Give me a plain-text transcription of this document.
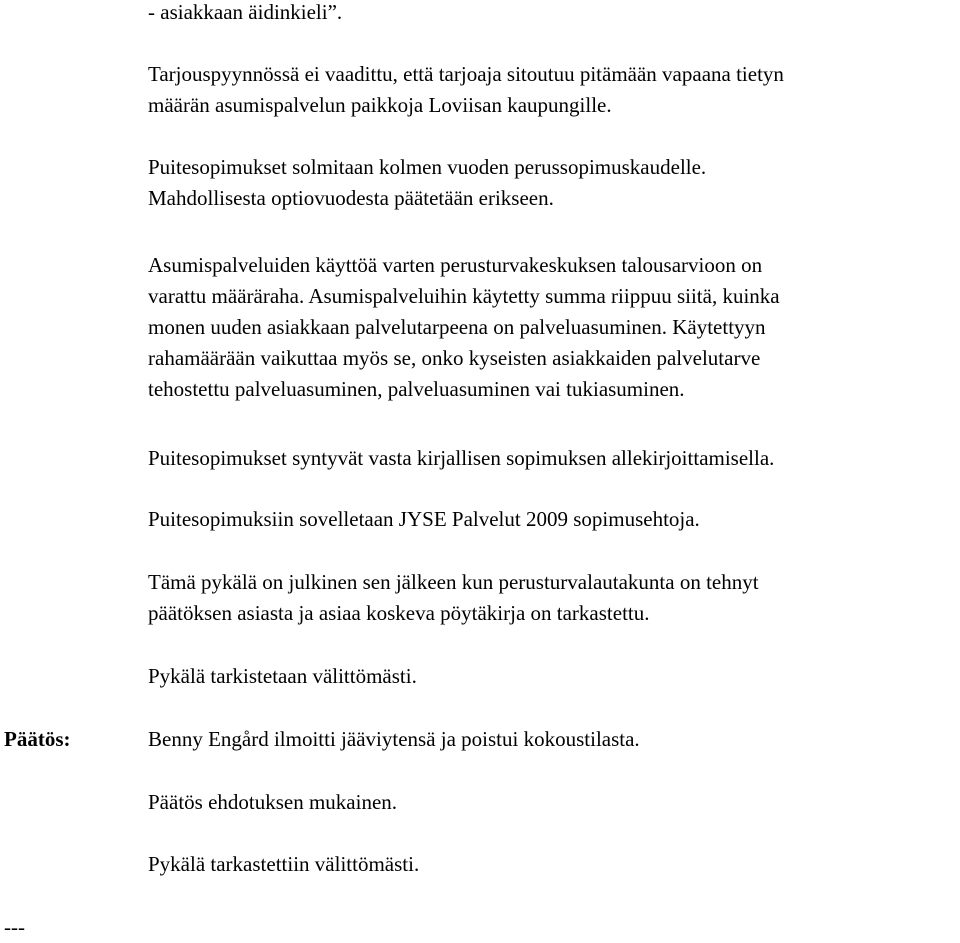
- asiakkaan äidinkieli”.
Tarjouspyynnössä ei vaadittu, että tarjoaja sitoutuu pitämään vapaana tietyn
määrän asumispalvelun paikkoja Loviisan kaupungille.
Puitesopimukset solmitaan kolmen vuoden perussopimuskaudelle.
Mahdollisesta optiovuodesta päätetään erikseen.
Asumispalveluiden käyttöä varten perusturvakeskuksen talousarvioon on
varattu määräraha. Asumispalveluihin käytetty summa riippuu siitä, kuinka
monen uuden asiakkaan palvelutarpeena on palveluasuminen. Käytettyyn
rahamäärään vaikuttaa myös se, onko kyseisten asiakkaiden palvelutarve
tehostettu palveluasuminen, palveluasuminen vai tukiasuminen.
Puitesopimukset syntyvät vasta kirjallisen sopimuksen allekirjoittamisella.
Puitesopimuksiin sovelletaan JYSE Palvelut 2009 sopimusehtoja.
Tämä pykälä on julkinen sen jälkeen kun perusturvalautakunta on tehnyt
päätöksen asiasta ja asiaa koskeva pöytäkirja on tarkastettu.
Pykälä tarkistetaan välittömästi.
Päätös:	Benny Engård ilmoitti jääviytensä ja poistui kokoustilasta.
Päätös ehdotuksen mukainen.
Pykälä tarkastettiin välittömästi.
---
